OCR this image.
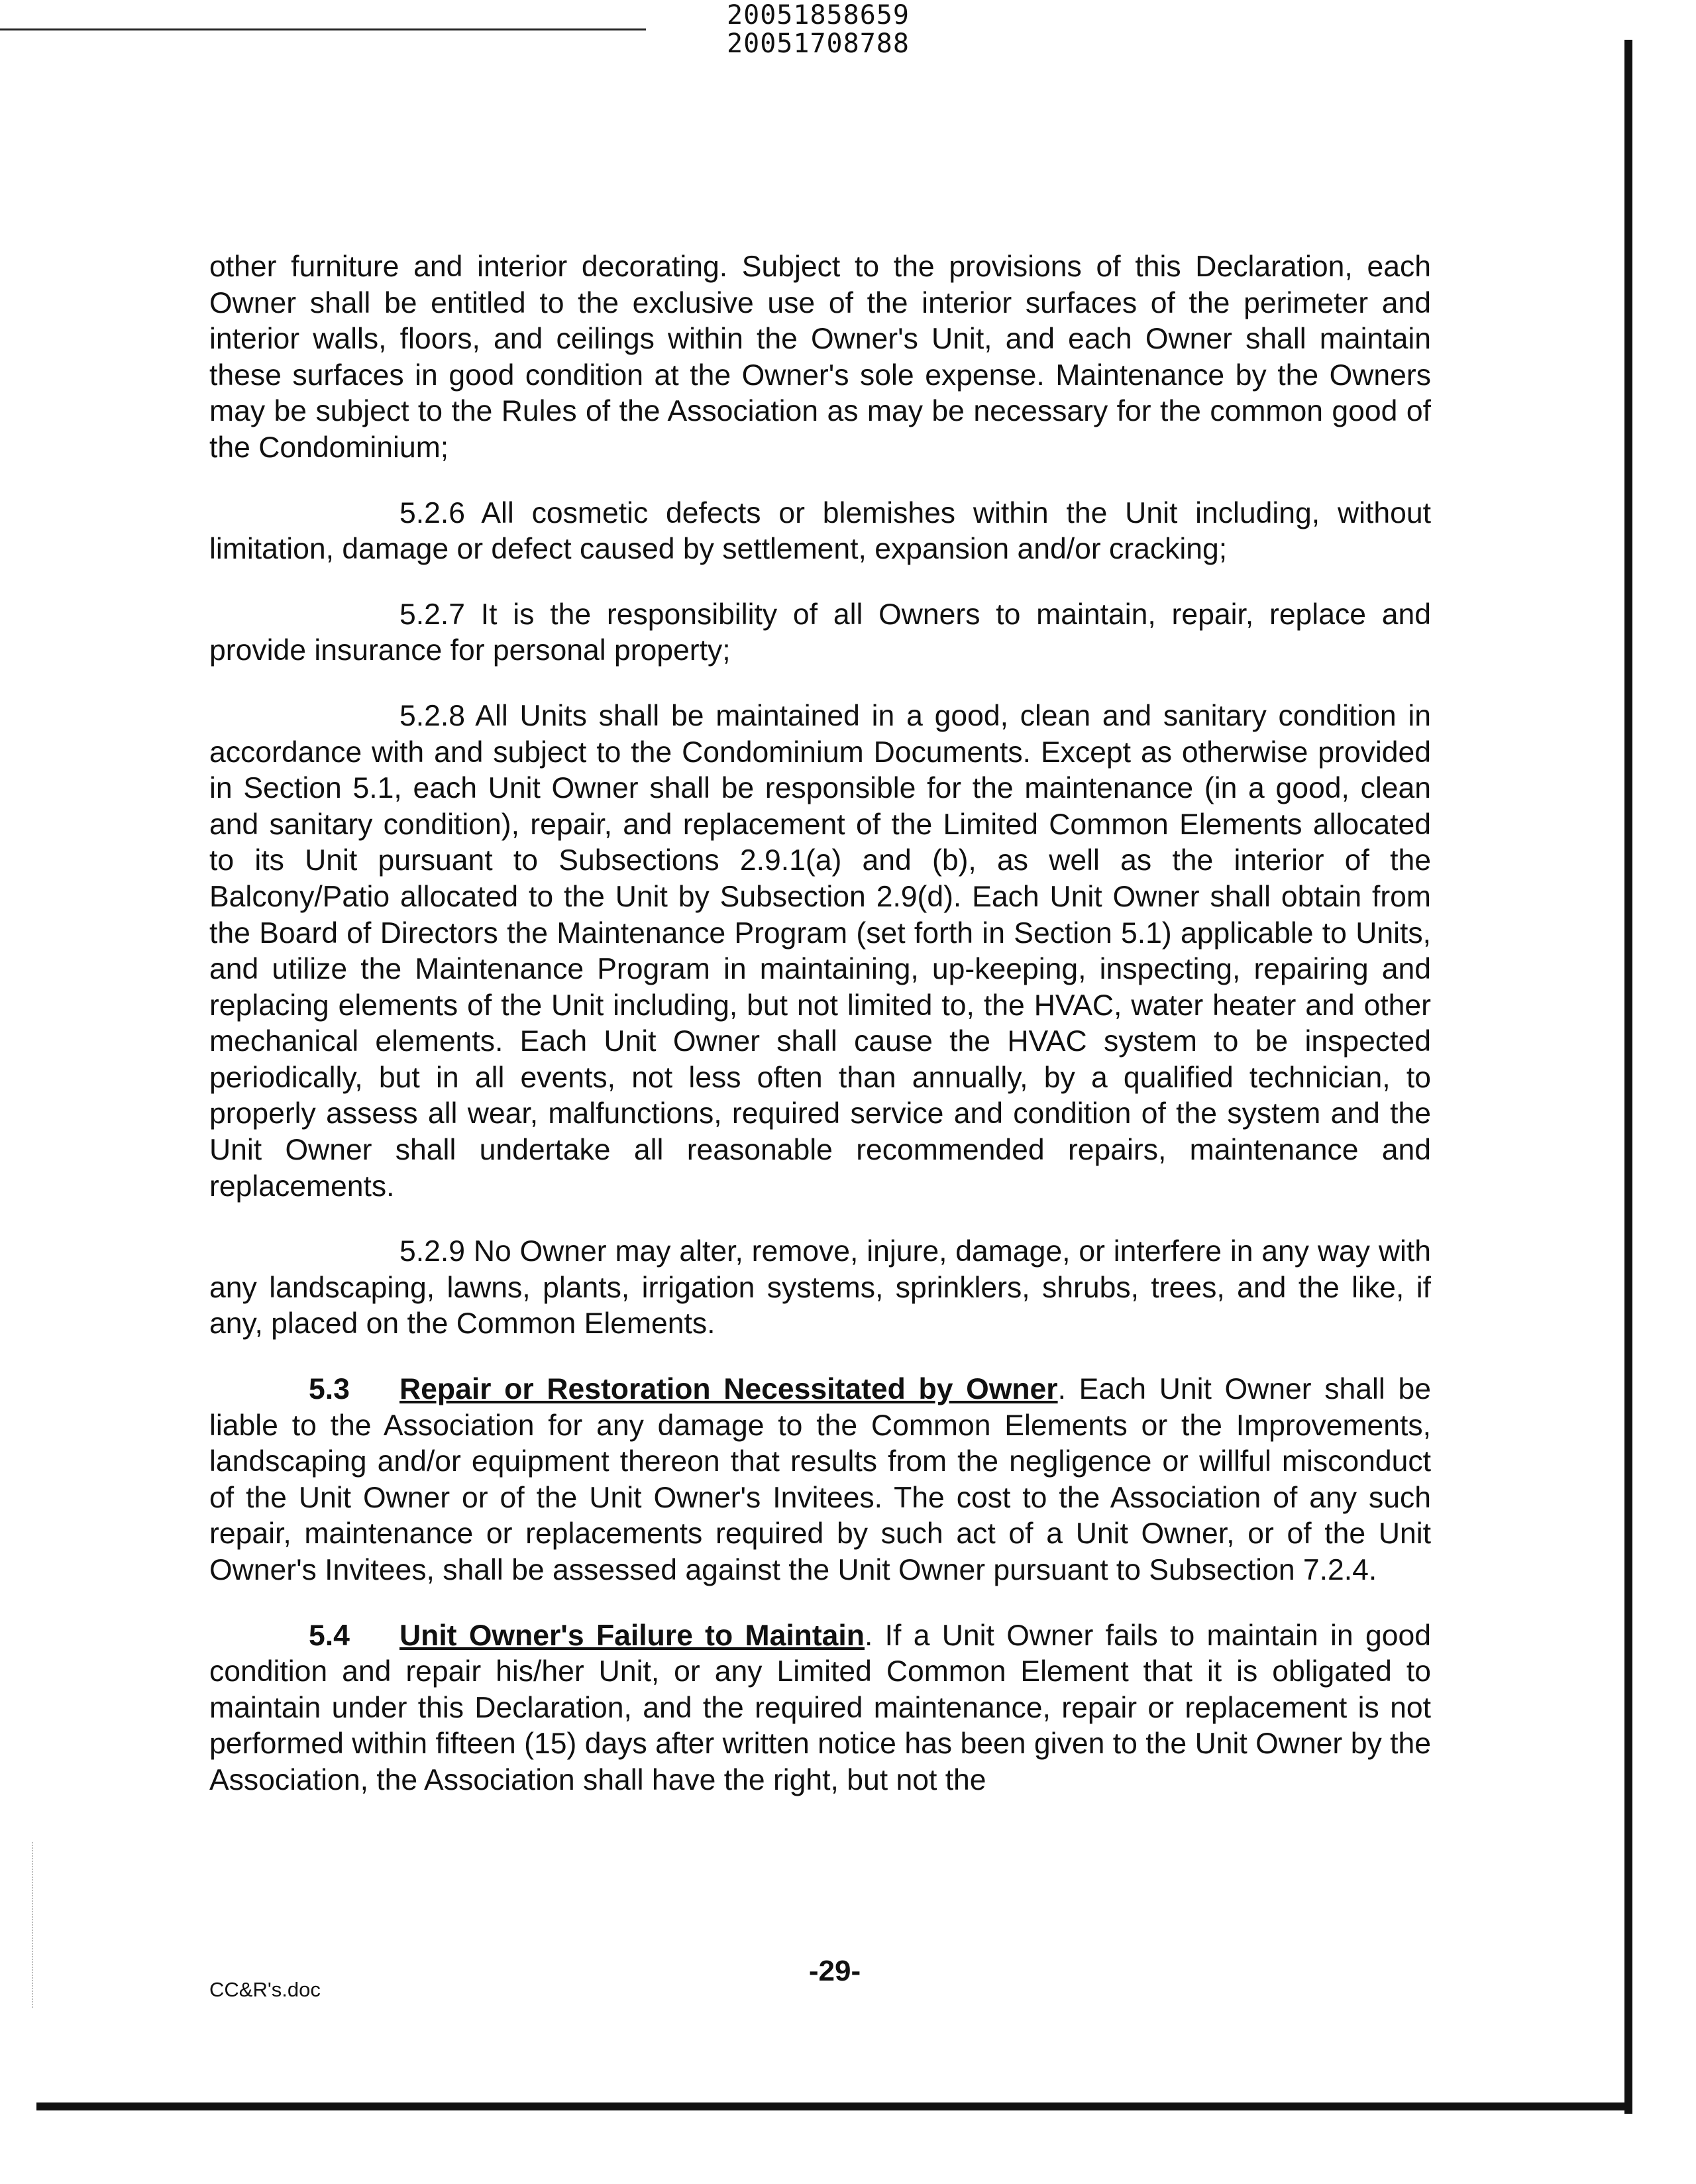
20051858659
20051708788

other furniture and interior decorating. Subject to the provisions of this Declaration, each Owner shall be entitled to the exclusive use of the interior surfaces of the perimeter and interior walls, floors, and ceilings within the Owner's Unit, and each Owner shall maintain these surfaces in good condition at the Owner's sole expense. Maintenance by the Owners may be subject to the Rules of the Association as may be necessary for the common good of the Condominium;

5.2.6 All cosmetic defects or blemishes within the Unit including, without limitation, damage or defect caused by settlement, expansion and/or cracking;

5.2.7 It is the responsibility of all Owners to maintain, repair, replace and provide insurance for personal property;

5.2.8 All Units shall be maintained in a good, clean and sanitary condition in accordance with and subject to the Condominium Documents. Except as otherwise provided in Section 5.1, each Unit Owner shall be responsible for the maintenance (in a good, clean and sanitary condition), repair, and replacement of the Limited Common Elements allocated to its Unit pursuant to Subsections 2.9.1(a) and (b), as well as the interior of the Balcony/Patio allocated to the Unit by Subsection 2.9(d). Each Unit Owner shall obtain from the Board of Directors the Maintenance Program (set forth in Section 5.1) applicable to Units, and utilize the Maintenance Program in maintaining, up-keeping, inspecting, repairing and replacing elements of the Unit including, but not limited to, the HVAC, water heater and other mechanical elements. Each Unit Owner shall cause the HVAC system to be inspected periodically, but in all events, not less often than annually, by a qualified technician, to properly assess all wear, malfunctions, required service and condition of the system and the Unit Owner shall undertake all reasonable recommended repairs, maintenance and replacements.

5.2.9 No Owner may alter, remove, injure, damage, or interfere in any way with any landscaping, lawns, plants, irrigation systems, sprinklers, shrubs, trees, and the like, if any, placed on the Common Elements.

5.3 Repair or Restoration Necessitated by Owner. Each Unit Owner shall be liable to the Association for any damage to the Common Elements or the Improvements, landscaping and/or equipment thereon that results from the negligence or willful misconduct of the Unit Owner or of the Unit Owner's Invitees. The cost to the Association of any such repair, maintenance or replacements required by such act of a Unit Owner, or of the Unit Owner's Invitees, shall be assessed against the Unit Owner pursuant to Subsection 7.2.4.

5.4 Unit Owner's Failure to Maintain. If a Unit Owner fails to maintain in good condition and repair his/her Unit, or any Limited Common Element that it is obligated to maintain under this Declaration, and the required maintenance, repair or replacement is not performed within fifteen (15) days after written notice has been given to the Unit Owner by the Association, the Association shall have the right, but not the

-29-
CC&R's.doc
